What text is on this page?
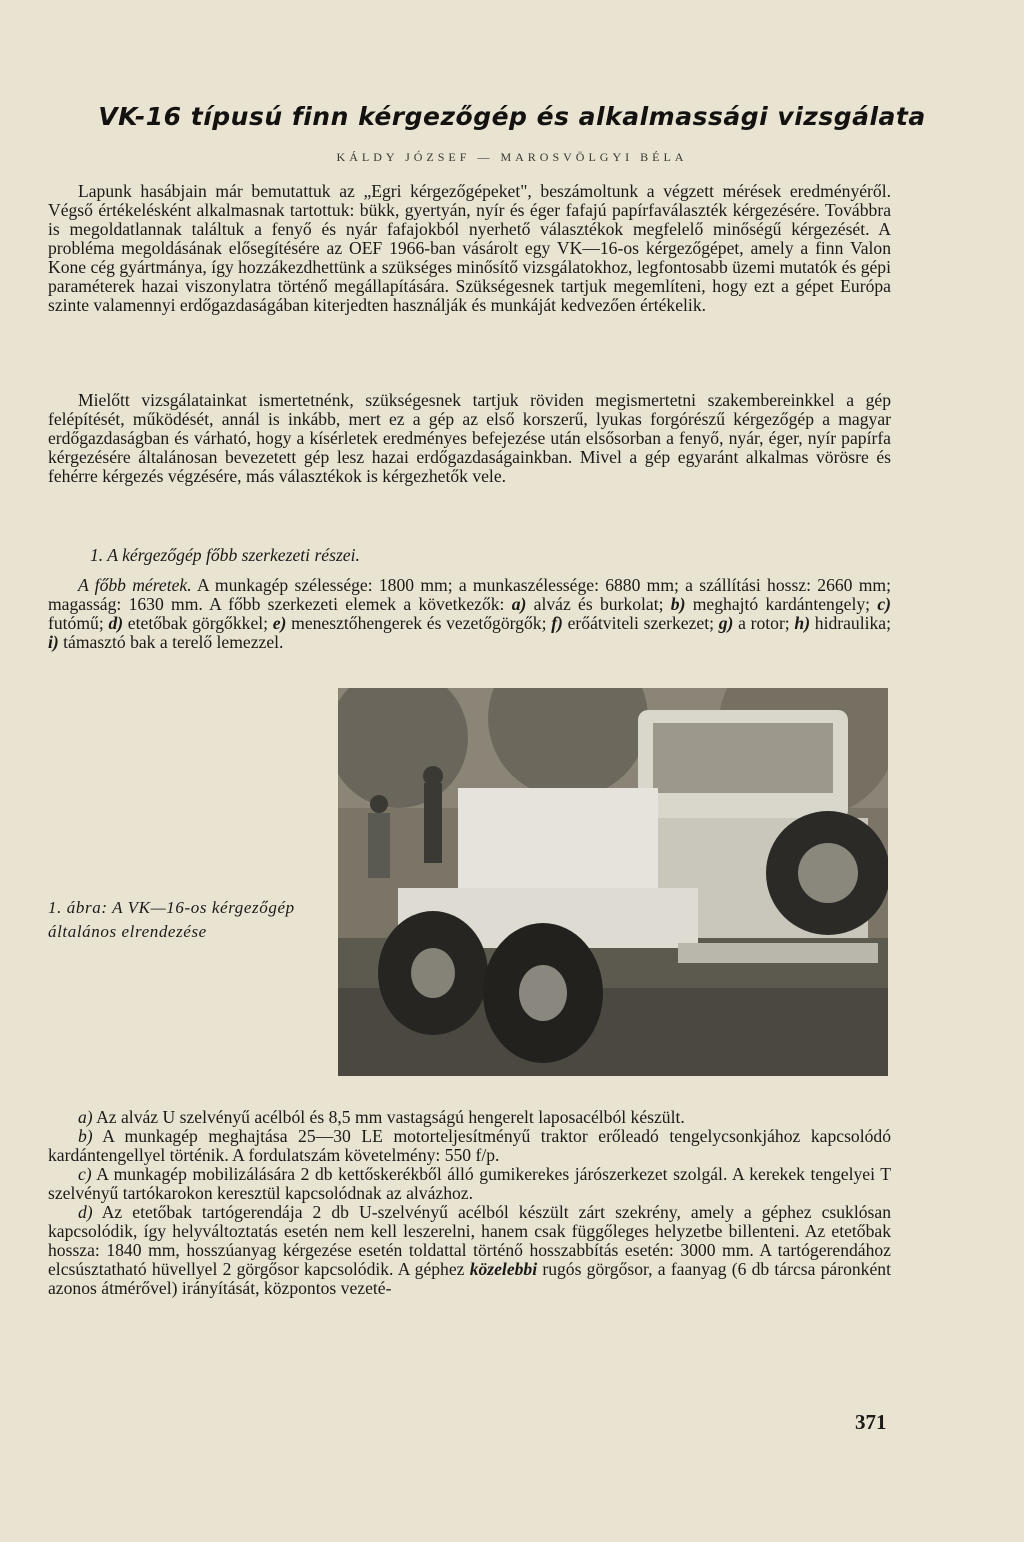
VK-16 típusú finn kérgezőgép és alkalmassági vizsgálata
KÁLDY JÓZSEF — MAROSVÖLGYI BÉLA

Lapunk hasábjain már bemutattuk az „Egri kérgezőgépeket", beszámoltunk a végzett mérések eredményéről. Végső értékelésként alkalmasnak tartottuk: bükk, gyertyán, nyír és éger fafajú papírfaválaszték kérgezésére. Továbbra is megoldatlannak találtuk a fenyő és nyár fafajokból nyerhető választékok megfelelő minőségű kérgezését. A probléma megoldásának elősegítésére az OEF 1966-ban vásárolt egy VK—16-os kérgezőgépet, amely a finn Valon Kone cég gyártmánya, így hozzákezdhettünk a szükséges minősítő vizsgálatokhoz, legfontosabb üzemi mutatók és gépi paraméterek hazai viszonylatra történő megállapítására. Szükségesnek tartjuk megemlíteni, hogy ezt a gépet Európa szinte valamennyi erdőgazdaságában kiterjedten használják és munkáját kedvezően értékelik.

Mielőtt vizsgálatainkat ismertetnénk, szükségesnek tartjuk röviden megismertetni szakembereinkkel a gép felépítését, működését, annál is inkább, mert ez a gép az első korszerű, lyukas forgórészű kérgezőgép a magyar erdőgazdaságban és várható, hogy a kísérletek eredményes befejezése után elsősorban a fenyő, nyár, éger, nyír papírfa kérgezésére általánosan bevezetett gép lesz hazai erdőgazdaságainkban. Mivel a gép egyaránt alkalmas vörösre és fehérre kérgezés végzésére, más választékok is kérgezhetők vele.

1. A kérgezőgép főbb szerkezeti részei.

A főbb méretek. A munkagép szélessége: 1800 mm; a munkaszélessége: 6880 mm; a szállítási hossz: 2660 mm; magasság: 1630 mm. A főbb szerkezeti elemek a következők: a) alváz és burkolat; b) meghajtó kardántengely; c) futómű; d) etetőbak görgőkkel; e) menesztőhengerek és vezetőgörgők; f) erőátviteli szerkezet; g) a rotor; h) hidraulika; i) támasztó bak a terelő lemezzel.

1. ábra: A VK—16-os kérgezőgép általános elrendezése

a) Az alváz U szelvényű acélból és 8,5 mm vastagságú hengerelt laposacélból készült.

b) A munkagép meghajtása 25—30 LE motorteljesítményű traktor erőleadó tengelycsonkjához kapcsolódó kardántengellyel történik. A fordulatszám követelmény: 550 f/p.

c) A munkagép mobilizálására 2 db kettőskerékből álló gumikerekes járószerkezet szolgál. A kerekek tengelyei T szelvényű tartókarokon keresztül kapcsolódnak az alvázhoz.

d) Az etetőbak tartógerendája 2 db U-szelvényű acélból készült zárt szekrény, amely a géphez csuklósan kapcsolódik, így helyváltoztatás esetén nem kell leszerelni, hanem csak függőleges helyzetbe billenteni. Az etetőbak hossza: 1840 mm, hosszúanyag kérgezése esetén toldattal történő hosszabbítás esetén: 3000 mm. A tartógerendához elcsúsztatható hüvellyel 2 görgősor kapcsolódik. A géphez közelebbi rugós görgősor, a faanyag (6 db tárcsa páronként azonos átmérővel) irányítását, központos vezeté-

371
